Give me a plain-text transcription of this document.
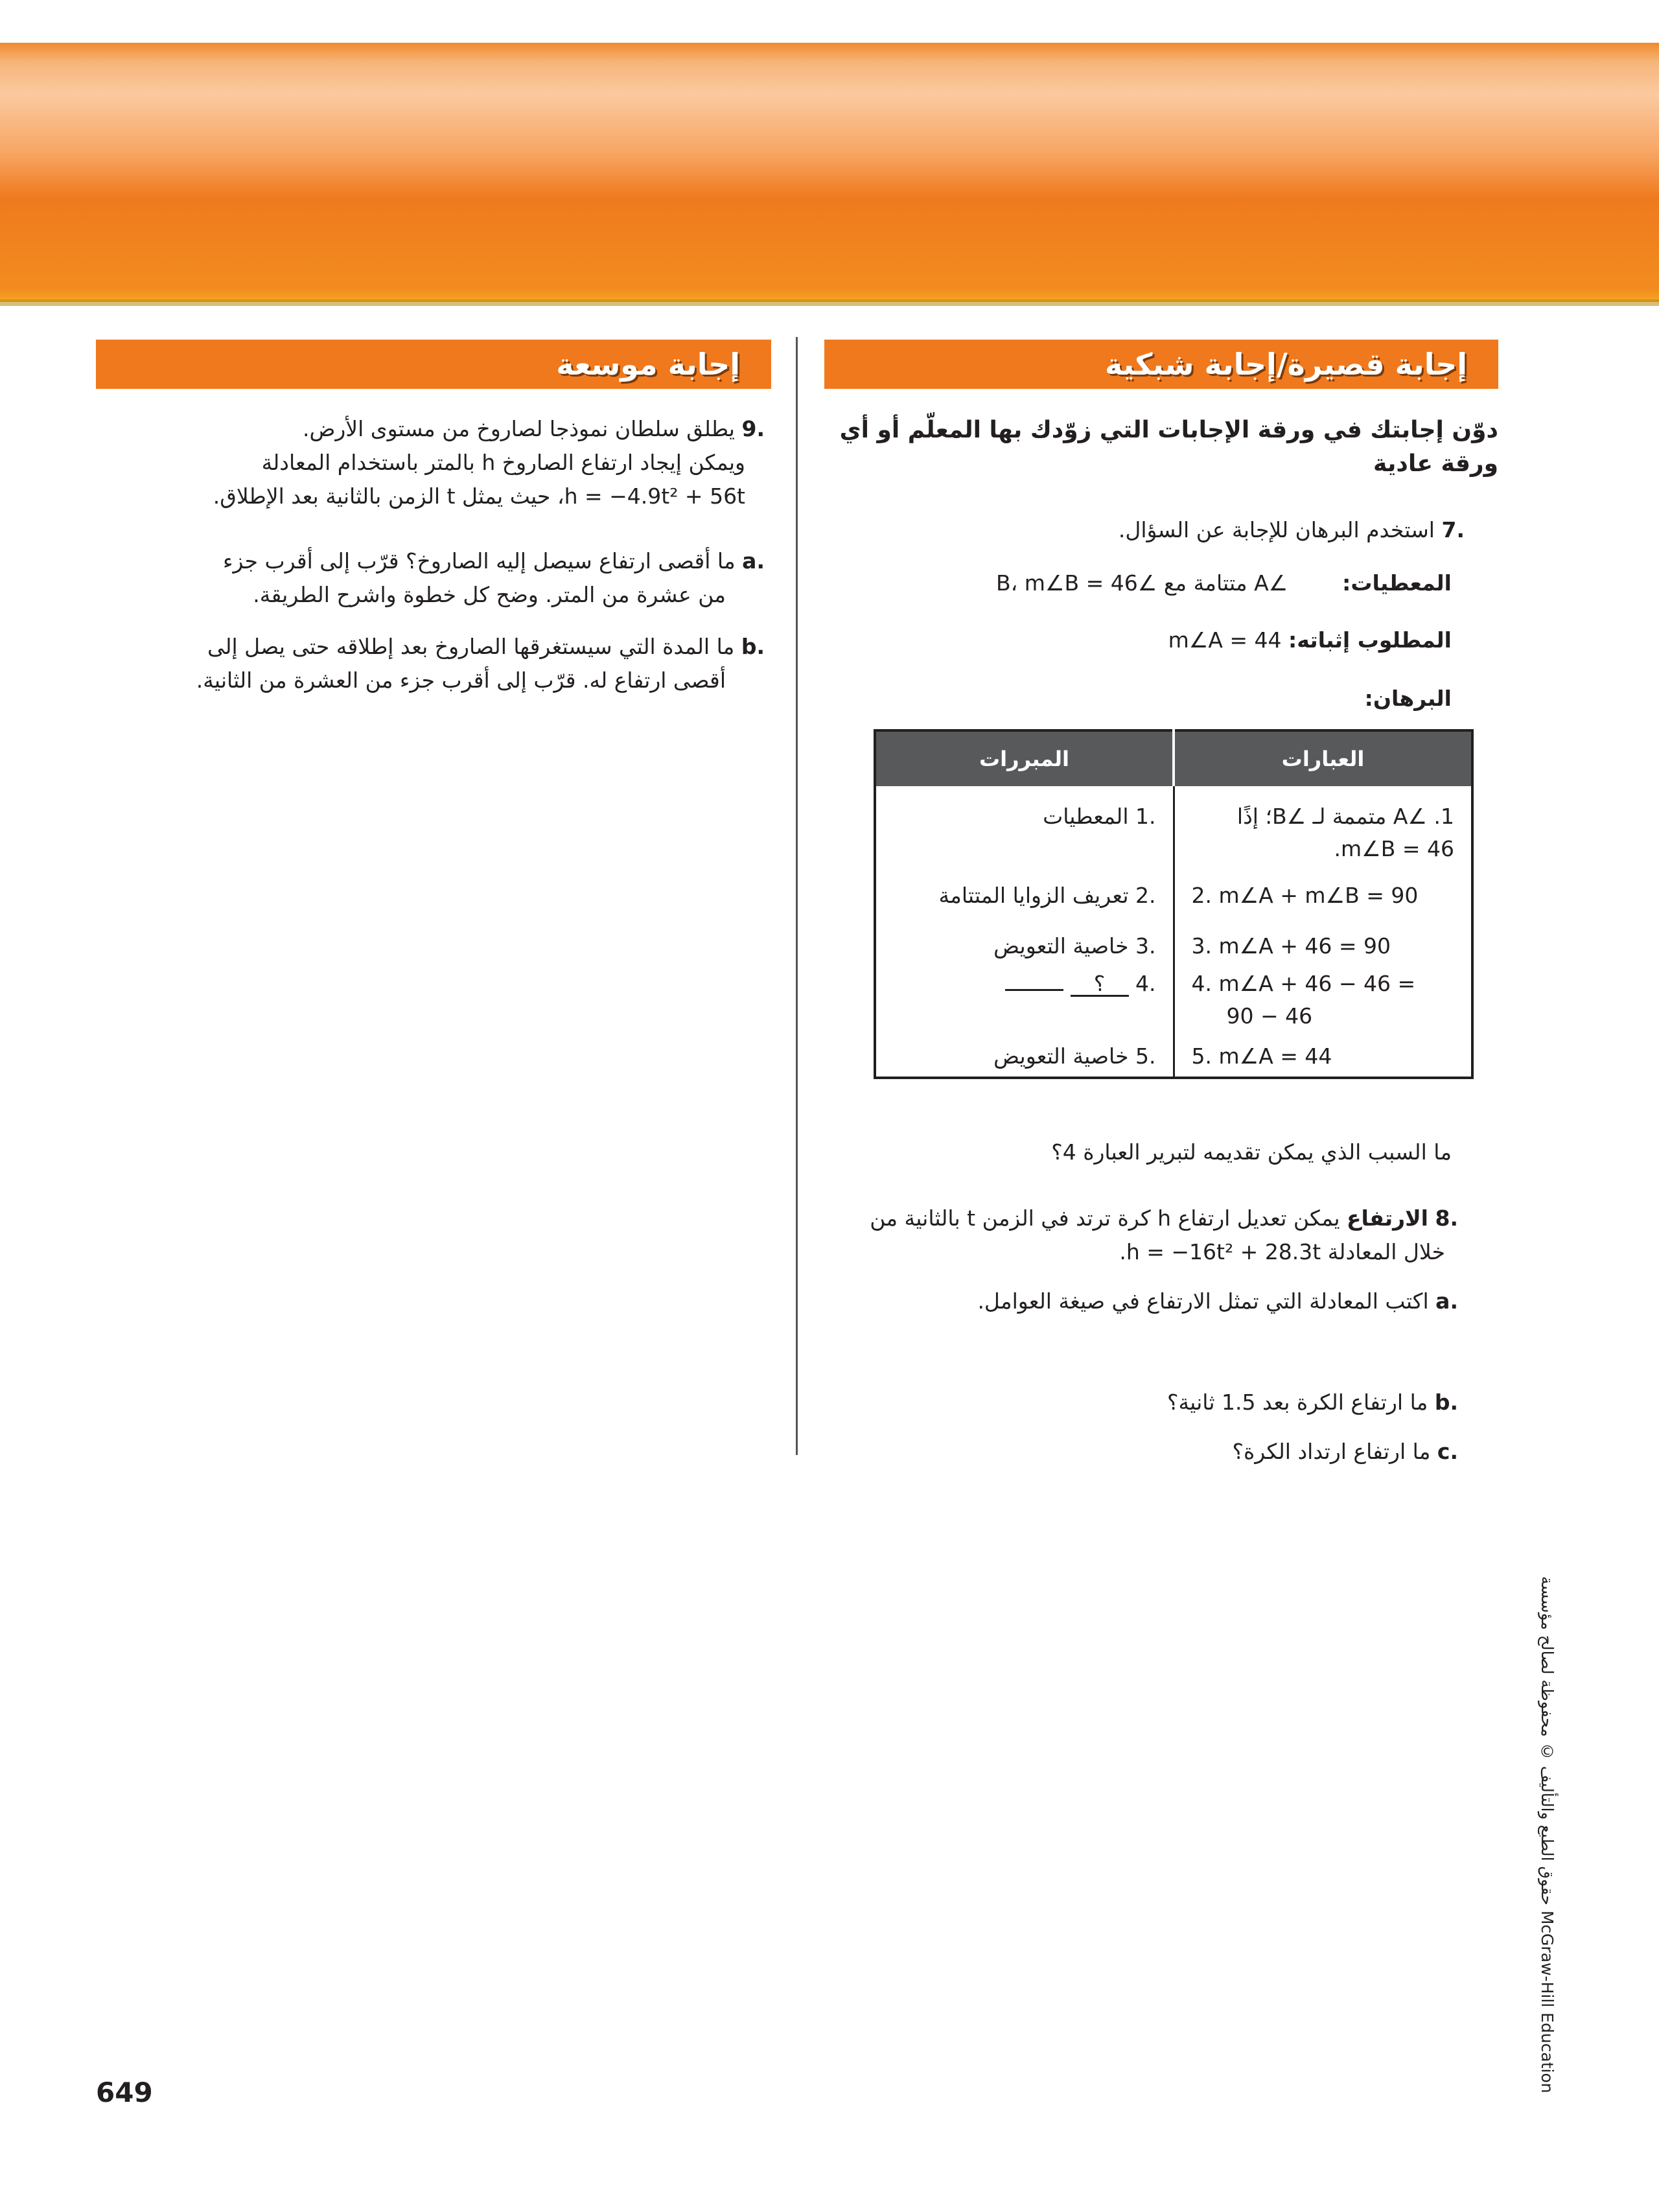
إجابة قصيرة/إجابة شبكية
إجابة موسعة
دوّن إجابتك في ورقة الإجابات التي زوّدك بها المعلّم أو أي
ورقة عادية
.7 استخدم البرهان للإجابة عن السؤال.
المعطيات:        ∠A متتامة مع ∠B، m∠B = 46
المطلوب إثباته: m∠A = 44
البرهان:
المبررات	العبارات
.1 المعطيات	1. ∠A متممة لـ ∠B؛ إذًا
m∠B = 46.

.2 تعريف الزوايا المتتامة	2. m∠A + m∠B = 90
.3 خاصية التعويض	3. m∠A + 46 = 90
.4 ؟	4. m∠A + 46 − 46 =
90 − 46

.5 خاصية التعويض	5. m∠A = 44
ما السبب الذي يمكن تقديمه لتبرير العبارة 4؟
.8 الارتفاع يمكن تعديل ارتفاع h كرة ترتد في الزمن t بالثانية من
خلال المعادلة h = −16t² + 28.3t.
.a اكتب المعادلة التي تمثل الارتفاع في صيغة العوامل.
.b ما ارتفاع الكرة بعد 1.5 ثانية؟
.c ما ارتفاع ارتداد الكرة؟
.9 يطلق سلطان نموذجا لصاروخ من مستوى الأرض.
ويمكن إيجاد ارتفاع الصاروخ h بالمتر باستخدام المعادلة
h = −4.9t² + 56t، حيث يمثل t الزمن بالثانية بعد الإطلاق.
.a ما أقصى ارتفاع سيصل إليه الصاروخ؟ قرّب إلى أقرب جزء
من عشرة من المتر. وضح كل خطوة واشرح الطريقة.
.b ما المدة التي سيستغرقها الصاروخ بعد إطلاقه حتى يصل إلى
أقصى ارتفاع له. قرّب إلى أقرب جزء من العشرة من الثانية.
649
حقوق الطبع والتأليف © محفوظة لصالح مؤسسة McGraw-Hill Education
